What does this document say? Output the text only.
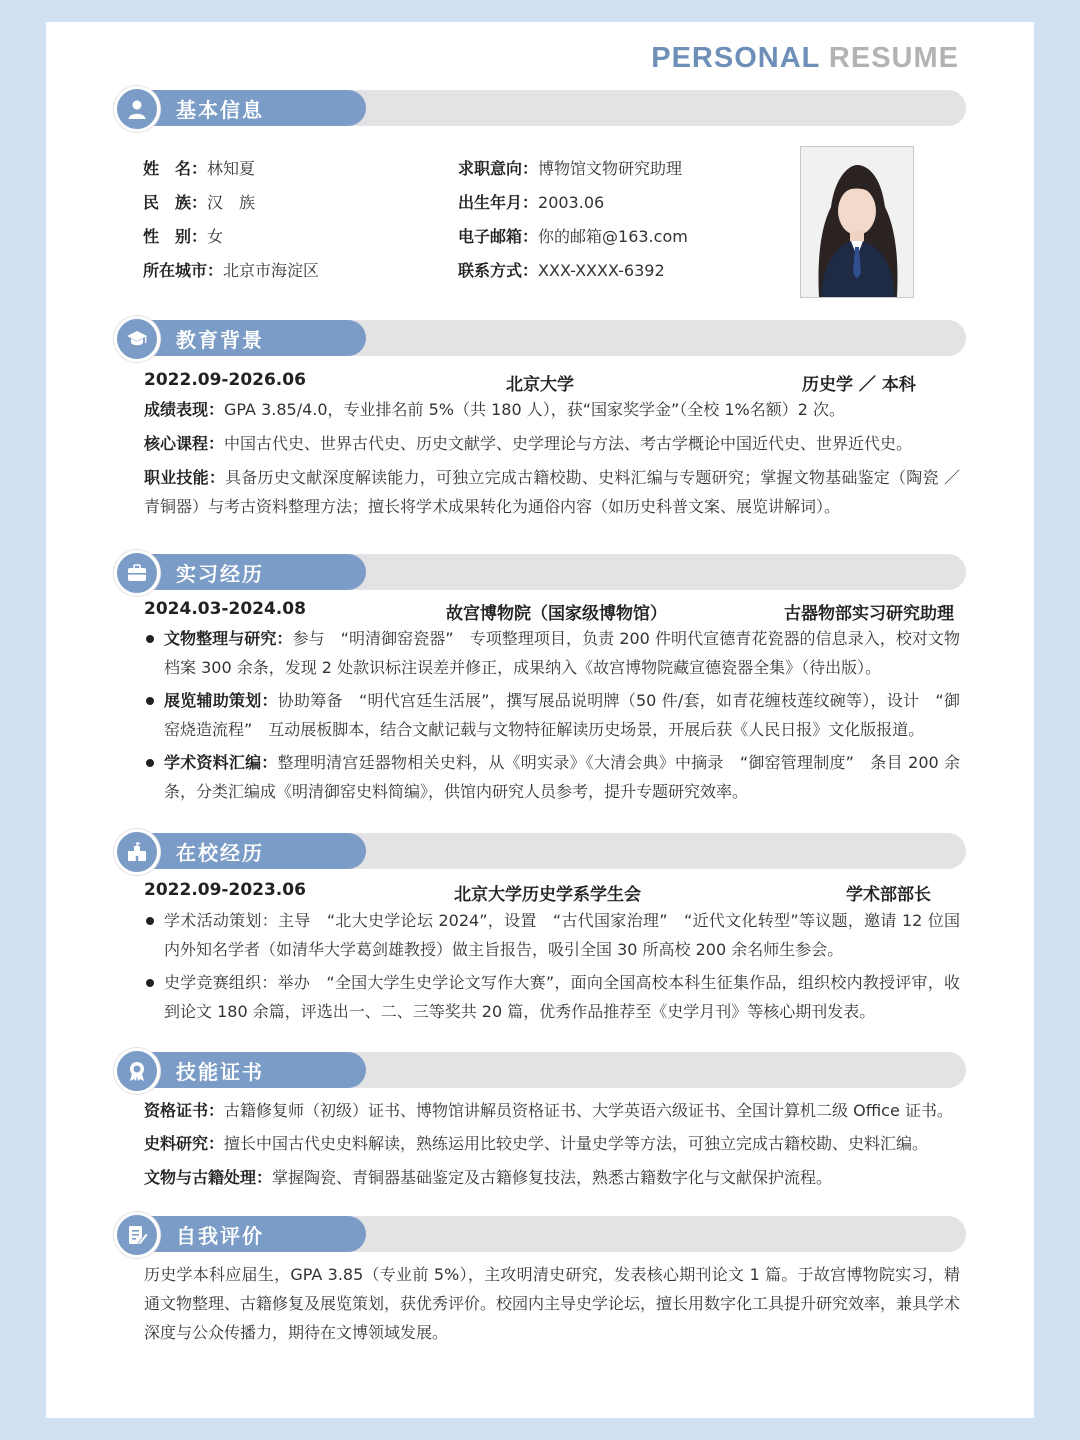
PERSONAL RESUME
基本信息
姓　名：林知夏
民　族：汉　族
性　别：女
所在城市：北京市海淀区
求职意向：博物馆文物研究助理
出生年月：2003.06
电子邮箱：你的邮箱@163.com
联系方式：XXX-XXXX-6392
教育背景
2022.09-2026.06	北京大学	历史学 ／ 本科
成绩表现：GPA 3.85/4.0，专业排名前 5%（共 180 人），获“国家奖学金”（全校 1%名额）2 次。
核心课程：中国古代史、世界古代史、历史文献学、史学理论与方法、考古学概论中国近代史、世界近代史。
职业技能：具备历史文献深度解读能力，可独立完成古籍校勘、史料汇编与专题研究；掌握文物基础鉴定（陶瓷 ／ 青铜器）与考古资料整理方法；擅长将学术成果转化为通俗内容（如历史科普文案、展览讲解词）。
实习经历
2024.03-2024.08	故宫博物院（国家级博物馆）	古器物部实习研究助理
文物整理与研究：参与　“明清御窑瓷器”　专项整理项目，负责 200 件明代宣德青花瓷器的信息录入，校对文物档案 300 余条，发现 2 处款识标注误差并修正，成果纳入《故宫博物院藏宣德瓷器全集》（待出版）。
展览辅助策划：协助筹备　“明代宫廷生活展”，撰写展品说明牌（50 件/套，如青花缠枝莲纹碗等），设计　“御窑烧造流程”　互动展板脚本，结合文献记载与文物特征解读历史场景，开展后获《人民日报》文化版报道。
学术资料汇编：整理明清宫廷器物相关史料，从《明实录》《大清会典》中摘录　“御窑管理制度”　条目 200 余条，分类汇编成《明清御窑史料简编》，供馆内研究人员参考，提升专题研究效率。
在校经历
2022.09-2023.06	北京大学历史学系学生会	学术部部长
学术活动策划：主导　“北大史学论坛 2024”，设置　“古代国家治理”　“近代文化转型”等议题，邀请 12 位国内外知名学者（如清华大学葛剑雄教授）做主旨报告，吸引全国 30 所高校 200 余名师生参会。
史学竞赛组织：举办　“全国大学生史学论文写作大赛”，面向全国高校本科生征集作品，组织校内教授评审，收到论文 180 余篇，评选出一、二、三等奖共 20 篇，优秀作品推荐至《史学月刊》等核心期刊发表。
技能证书
资格证书：古籍修复师（初级）证书、博物馆讲解员资格证书、大学英语六级证书、全国计算机二级 Office 证书。
史料研究：擅长中国古代史史料解读，熟练运用比较史学、计量史学等方法，可独立完成古籍校勘、史料汇编。
文物与古籍处理：掌握陶瓷、青铜器基础鉴定及古籍修复技法，熟悉古籍数字化与文献保护流程。
自我评价
历史学本科应届生，GPA 3.85（专业前 5%），主攻明清史研究，发表核心期刊论文 1 篇。于故宫博物院实习，精通文物整理、古籍修复及展览策划，获优秀评价。校园内主导史学论坛，擅长用数字化工具提升研究效率，兼具学术深度与公众传播力，期待在文博领域发展。
